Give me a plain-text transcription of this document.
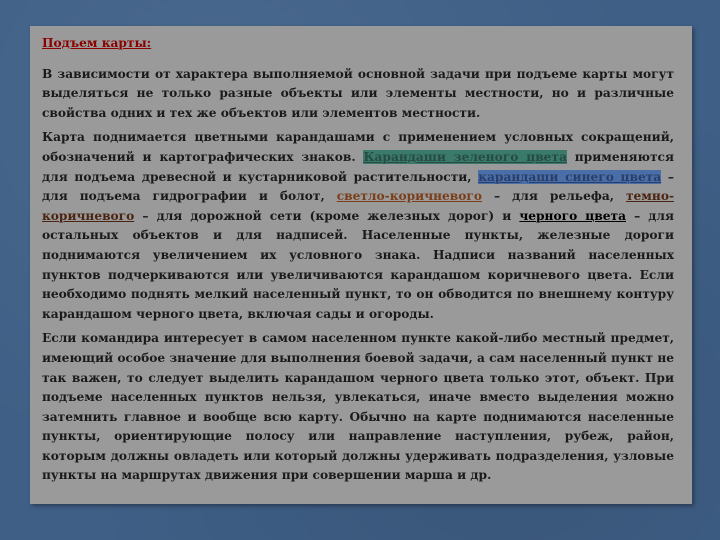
Подъем карты:

В зависимости от характера выполняемой основной задачи при подъеме карты могут выделяться не только разные объекты или элементы местности, но и различные свойства одних и тех же объектов или элементов местности.

Карта поднимается цветными карандашами с применением условных сокращений, обозначений и картографических знаков. Карандаши зеленого цвета применяются для подъема древесной и кустарниковой растительности, карандаши синего цвета – для подъема гидрографии и болот, светло-коричневого – для рельефа, темно-коричневого – для дорожной сети (кроме железных дорог) и черного цвета – для остальных объектов и для надписей. Населенные пункты, железные дороги поднимаются увеличением их условного знака. Надписи названий населенных пунктов подчеркиваются или увеличиваются карандашом коричневого цвета. Если необходимо поднять мелкий населенный пункт, то он обводится по внешнему контуру карандашом черного цвета, включая сады и огороды.

Если командира интересует в самом населенном пункте какой-либо местный предмет, имеющий особое значение для выполнения боевой задачи, а сам населенный пункт не так важен, то следует выделить карандашом черного цвета только этот, объект. При подъеме населенных пунктов нельзя, увлекаться, иначе вместо выделения можно затемнить главное и вообще всю карту. Обычно на карте поднимаются населенные пункты, ориентирующие полосу или направление наступления, рубеж, район, которым должны овладеть или который должны удерживать подразделения, узловые пункты на маршрутах движения при совершении марша и др.
